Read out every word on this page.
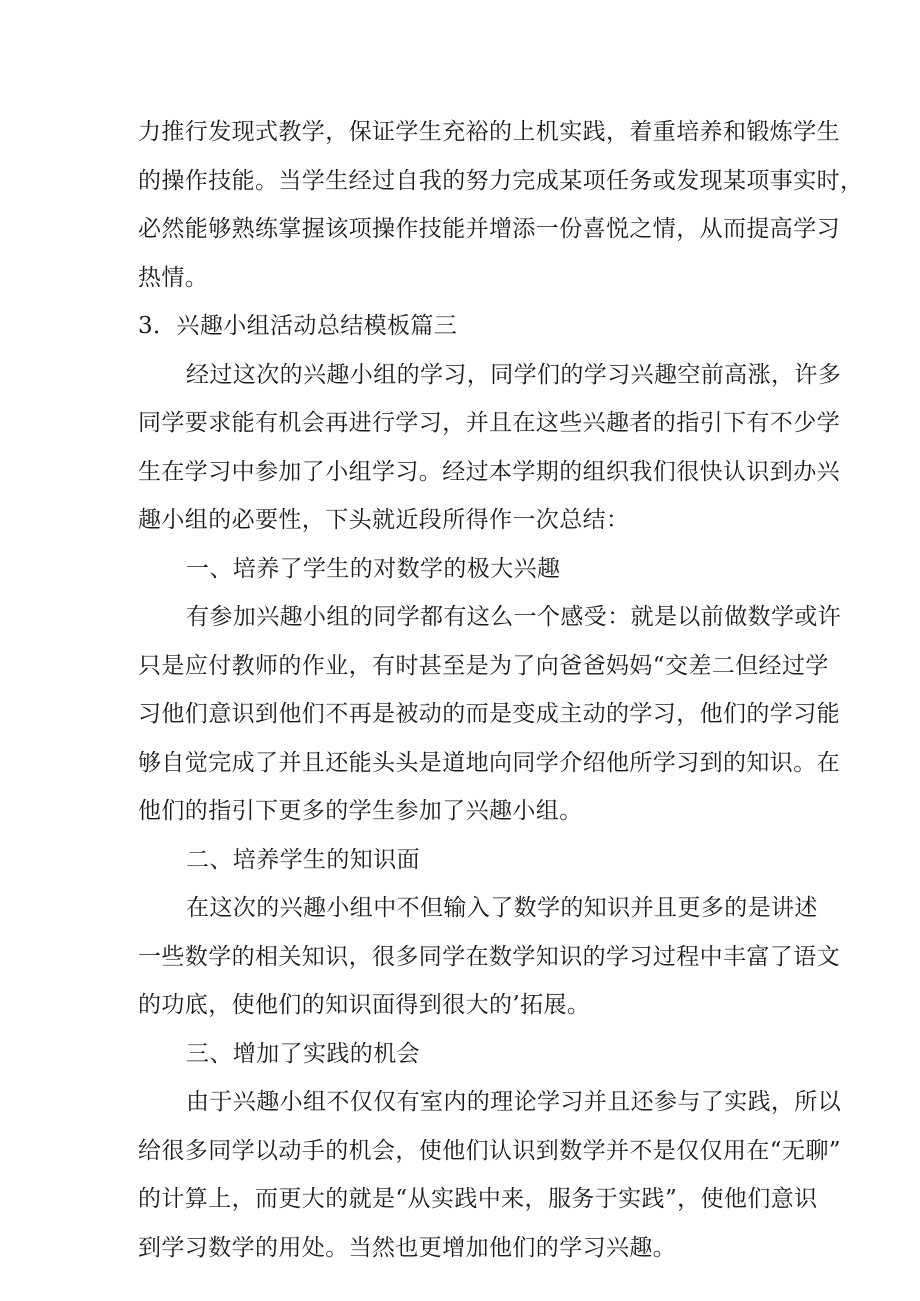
力推行发现式教学，保证学生充裕的上机实践，着重培养和锻炼学生
的操作技能。当学生经过自我的努力完成某项任务或发现某项事实时，
必然能够熟练掌握该项操作技能并增添一份喜悦之情，从而提高学习
热情。

3．兴趣小组活动总结模板篇三

经过这次的兴趣小组的学习，同学们的学习兴趣空前高涨，许多
同学要求能有机会再进行学习，并且在这些兴趣者的指引下有不少学
生在学习中参加了小组学习。经过本学期的组织我们很快认识到办兴
趣小组的必要性，下头就近段所得作一次总结：

一、培养了学生的对数学的极大兴趣

有参加兴趣小组的同学都有这么一个感受：就是以前做数学或许
只是应付教师的作业，有时甚至是为了向爸爸妈妈“交差二但经过学
习他们意识到他们不再是被动的而是变成主动的学习，他们的学习能
够自觉完成了并且还能头头是道地向同学介绍他所学习到的知识。在
他们的指引下更多的学生参加了兴趣小组。

二、培养学生的知识面

在这次的兴趣小组中不但输入了数学的知识并且更多的是讲述
一些数学的相关知识，很多同学在数学知识的学习过程中丰富了语文
的功底，使他们的知识面得到很大的’拓展。

三、增加了实践的机会

由于兴趣小组不仅仅有室内的理论学习并且还参与了实践，所以
给很多同学以动手的机会，使他们认识到数学并不是仅仅用在“无聊”
的计算上，而更大的就是“从实践中来，服务于实践”，使他们意识
到学习数学的用处。当然也更增加他们的学习兴趣。
